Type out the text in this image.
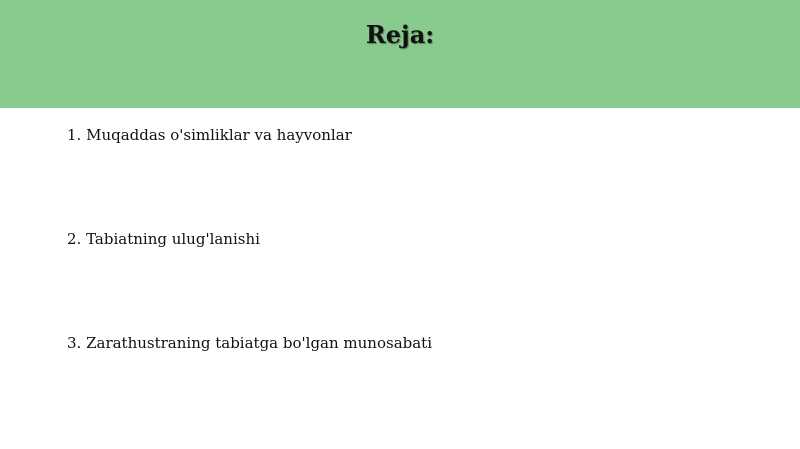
Reja:
1. Muqaddas o'simliklar va hayvonlar
2. Tabiatning ulug'lanishi
3. Zarathustraning tabiatga bo'lgan munosabati
